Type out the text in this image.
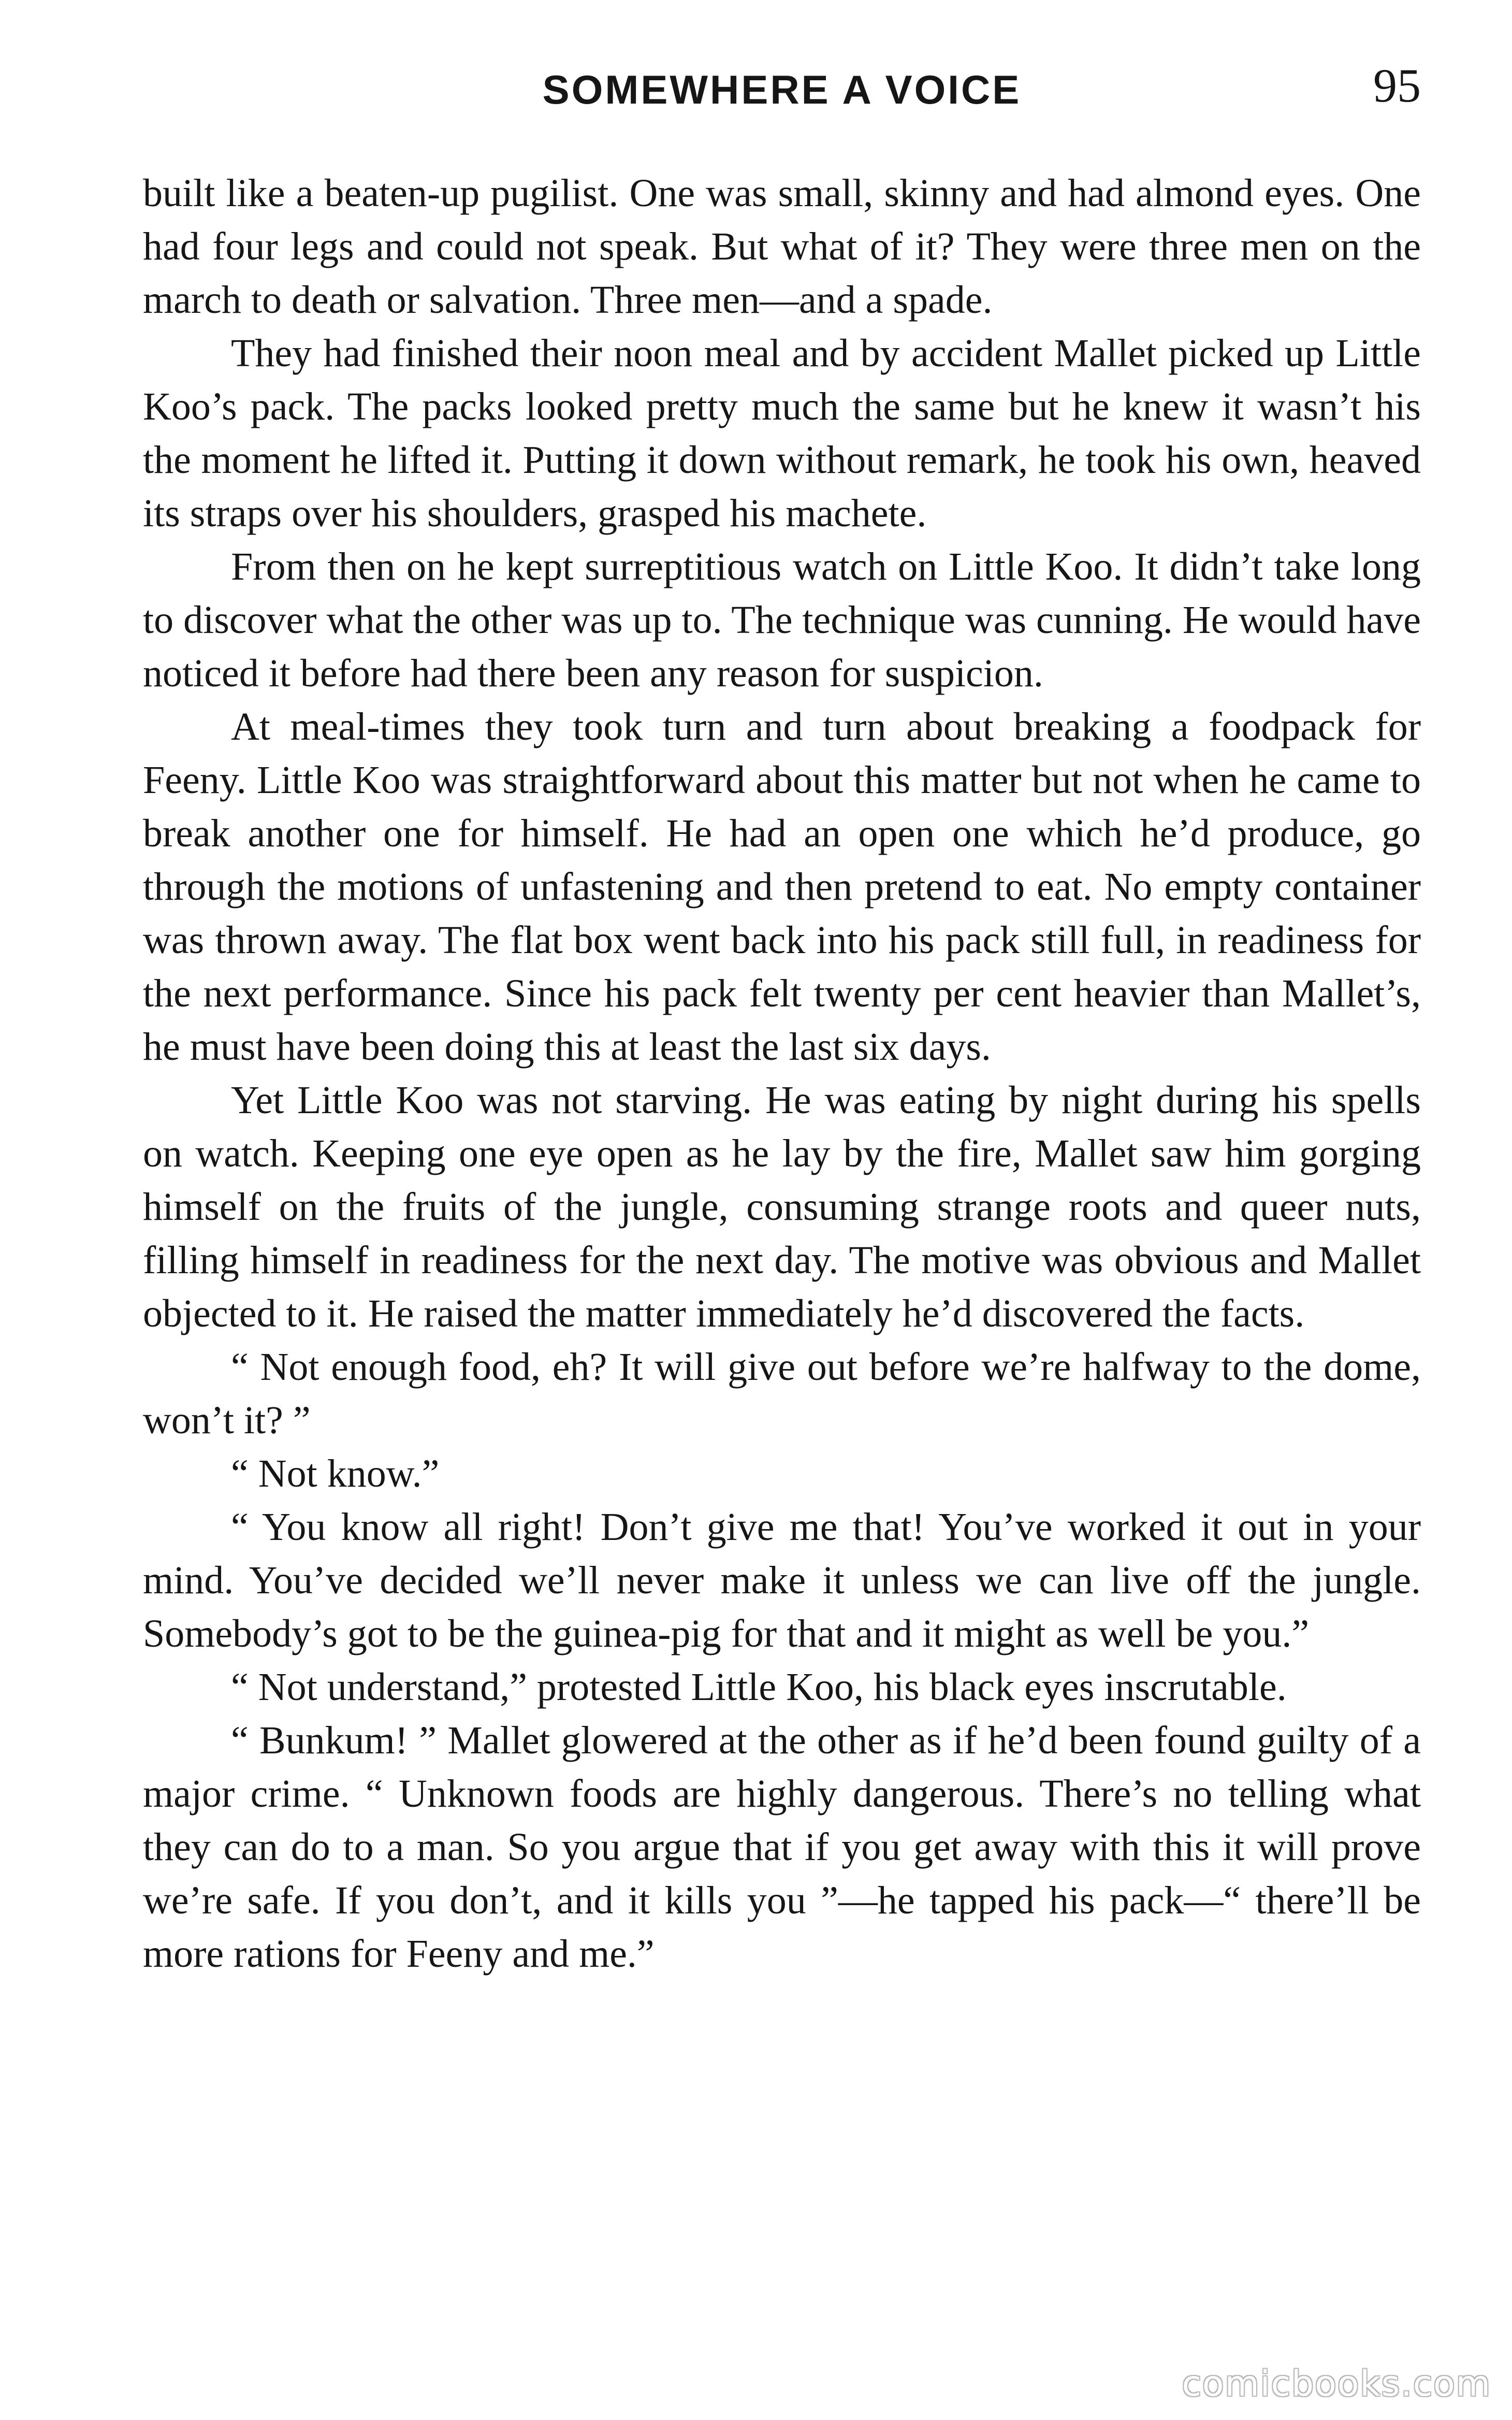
SOMEWHERE A VOICE	95

built like a beaten-up pugilist. One was small, skinny and had almond eyes. One had four legs and could not speak. But what of it? They were three men on the march to death or salvation. Three men—and a spade.

They had finished their noon meal and by accident Mallet picked up Little Koo’s pack. The packs looked pretty much the same but he knew it wasn’t his the moment he lifted it. Putting it down without remark, he took his own, heaved its straps over his shoulders, grasped his machete.

From then on he kept surreptitious watch on Little Koo. It didn’t take long to discover what the other was up to. The technique was cunning. He would have noticed it before had there been any reason for suspicion.

At meal-times they took turn and turn about breaking a foodpack for Feeny. Little Koo was straightforward about this matter but not when he came to break another one for himself. He had an open one which he’d produce, go through the motions of unfastening and then pretend to eat. No empty container was thrown away. The flat box went back into his pack still full, in readiness for the next performance. Since his pack felt twenty per cent heavier than Mallet’s, he must have been doing this at least the last six days.

Yet Little Koo was not starving. He was eating by night during his spells on watch. Keeping one eye open as he lay by the fire, Mallet saw him gorging himself on the fruits of the jungle, consuming strange roots and queer nuts, filling himself in readiness for the next day. The motive was obvious and Mallet objected to it. He raised the matter immediately he’d discovered the facts.

“ Not enough food, eh? It will give out before we’re halfway to the dome, won’t it? ”

“ Not know.”

“ You know all right! Don’t give me that! You’ve worked it out in your mind. You’ve decided we’ll never make it unless we can live off the jungle. Somebody’s got to be the guinea-pig for that and it might as well be you.”

“ Not understand,” protested Little Koo, his black eyes inscrutable.

“ Bunkum! ” Mallet glowered at the other as if he’d been found guilty of a major crime. “ Unknown foods are highly dangerous. There’s no telling what they can do to a man. So you argue that if you get away with this it will prove we’re safe. If you don’t, and it kills you ”—he tapped his pack—“ there’ll be more rations for Feeny and me.”

comicbooks.com
